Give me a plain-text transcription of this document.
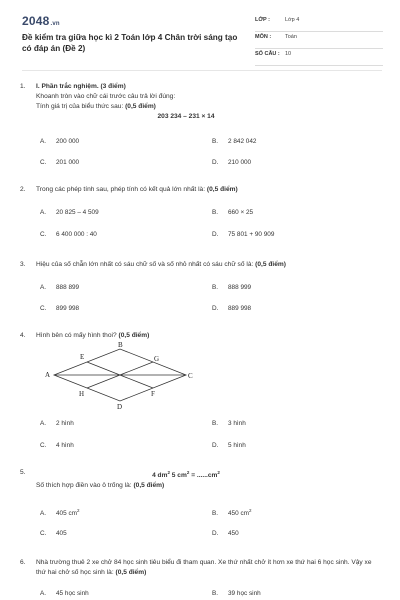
2048.vn
Đề kiểm tra giữa học kì 2 Toán lớp 4 Chân trời sáng tạo có đáp án (Đề 2)
LỚP :	Lớp 4
MÔN :	Toán
SỐ CÂU : 10
1.	I. Phần trắc nghiệm. (3 điểm)
Khoanh tròn vào chữ cái trước câu trả lời đúng:
Tính giá trị của biểu thức sau: (0,5 điểm)
203 234 – 231 × 14
A. 200 000	B. 2 842 042
C. 201 000	D. 210 000
2.	Trong các phép tính sau, phép tính có kết quả lớn nhất là: (0,5 điểm)
A. 20 825 – 4 509	B. 660 × 25
C. 6 400 000 : 40	D. 75 801 + 90 909
3.	Hiệu của số chẵn lớn nhất có sáu chữ số và số nhỏ nhất có sáu chữ số là: (0,5 điểm)
A. 888 899	B. 888 999
C. 899 998	D. 889 998
4.	Hình bên có mấy hình thoi? (0,5 điểm)
B
E	G
A	C
H	F
D
A. 2 hình	B. 3 hình
C. 4 hình	D. 5 hình
5.	4 $dm^2$ 5 $cm^2 = ......cm^2$
Số thích hợp điền vào ô trống là: (0,5 điểm)
A. 405 $cm^2$	B. 450 $cm^2$
C. 405	D. 450
6.	Nhà trường thuê 2 xe chở 84 học sinh tiêu biểu đi tham quan. Xe thứ nhất chở ít hơn xe thứ hai 6 học sinh. Vậy xe thứ hai chở số học sinh là: (0,5 điểm)
A. 45 học sinh	B. 39 học sinh
